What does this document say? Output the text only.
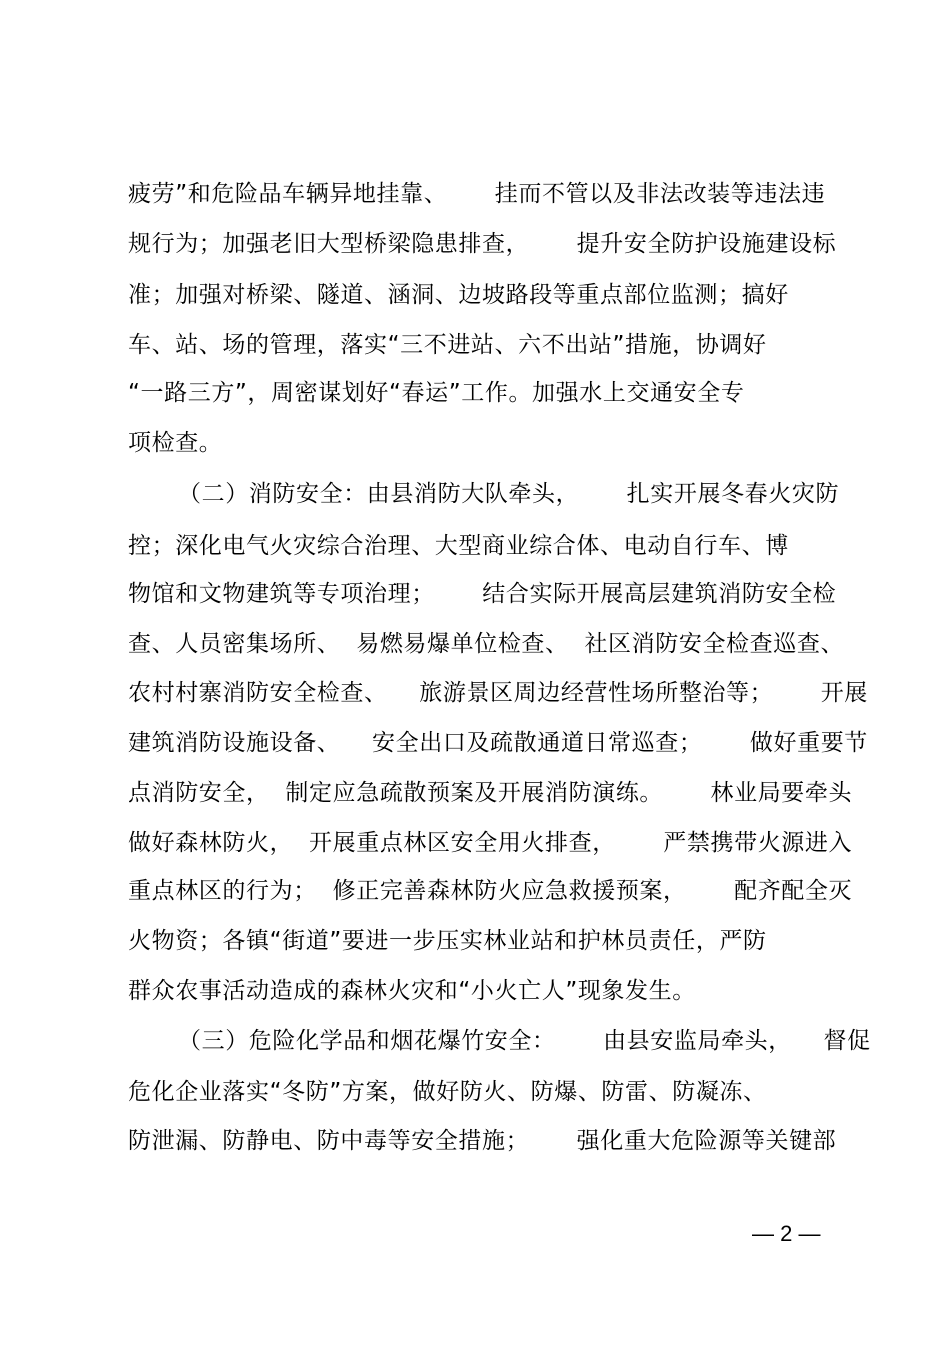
疲劳”和危险品车辆异地挂靠、      挂而不管以及非法改装等违法违
规行为；加强老旧大型桥梁隐患排查，      提升安全防护设施建设标
准；加强对桥梁、隧道、涵洞、边坡路段等重点部位监测；搞好
车、站、场的管理，落实“三不进站、六不出站”措施，协调好
“一路三方”，周密谋划好“春运”工作。加强水上交通安全专
项检查。
（二）消防安全：由县消防大队牵头，      扎实开展冬春火灾防
控；深化电气火灾综合治理、大型商业综合体、电动自行车、博
物馆和文物建筑等专项治理；      结合实际开展高层建筑消防安全检
查、人员密集场所、  易燃易爆单位检查、  社区消防安全检查巡查、
农村村寨消防安全检查、    旅游景区周边经营性场所整治等；      开展
建筑消防设施设备、    安全出口及疏散通道日常巡查；      做好重要节
点消防安全，  制定应急疏散预案及开展消防演练。      林业局要牵头
做好森林防火，  开展重点林区安全用火排查，      严禁携带火源进入
重点林区的行为；  修正完善森林防火应急救援预案，      配齐配全灭
火物资；各镇“街道”要进一步压实林业站和护林员责任，严防
群众农事活动造成的森林火灾和“小火亡人”现象发生。
（三）危险化学品和烟花爆竹安全：      由县安监局牵头，    督促
危化企业落实“冬防”方案，做好防火、防爆、防雷、防凝冻、
防泄漏、防静电、防中毒等安全措施；      强化重大危险源等关键部
— 2 —
